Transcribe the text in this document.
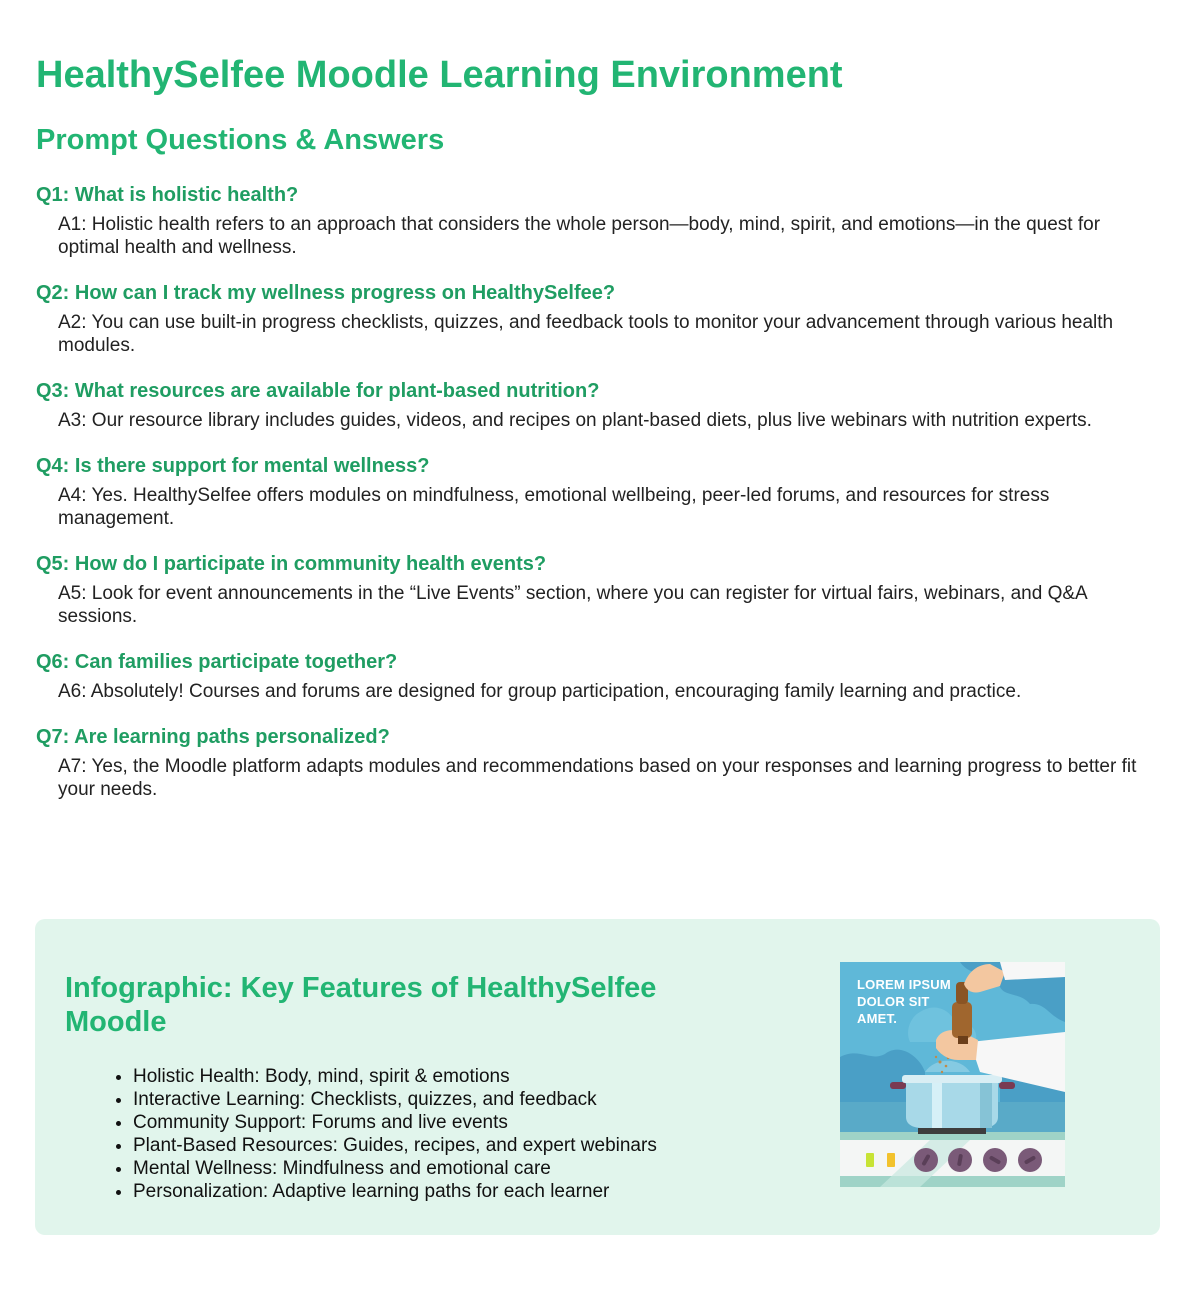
HealthySelfee Moodle Learning Environment
Prompt Questions & Answers
Q1: What is holistic health?

A1: Holistic health refers to an approach that considers the whole person—body, mind, spirit, and emotions—in the quest for optimal health and wellness.

Q2: How can I track my wellness progress on HealthySelfee?

A2: You can use built-in progress checklists, quizzes, and feedback tools to monitor your advancement through various health modules.

Q3: What resources are available for plant-based nutrition?

A3: Our resource library includes guides, videos, and recipes on plant-based diets, plus live webinars with nutrition experts.

Q4: Is there support for mental wellness?

A4: Yes. HealthySelfee offers modules on mindfulness, emotional wellbeing, peer-led forums, and resources for stress management.

Q5: How do I participate in community health events?

A5: Look for event announcements in the “Live Events” section, where you can register for virtual fairs, webinars, and Q&A sessions.

Q6: Can families participate together?

A6: Absolutely! Courses and forums are designed for group participation, encouraging family learning and practice.

Q7: Are learning paths personalized?

A7: Yes, the Moodle platform adapts modules and recommendations based on your responses and learning progress to better fit your needs.

Infographic: Key Features of HealthySelfee Moodle
• Holistic Health: Body, mind, spirit & emotions
• Interactive Learning: Checklists, quizzes, and feedback
• Community Support: Forums and live events
• Plant-Based Resources: Guides, recipes, and expert webinars
• Mental Wellness: Mindfulness and emotional care
• Personalization: Adaptive learning paths for each learner
LOREM IPSUM
DOLOR SIT
AMET.
